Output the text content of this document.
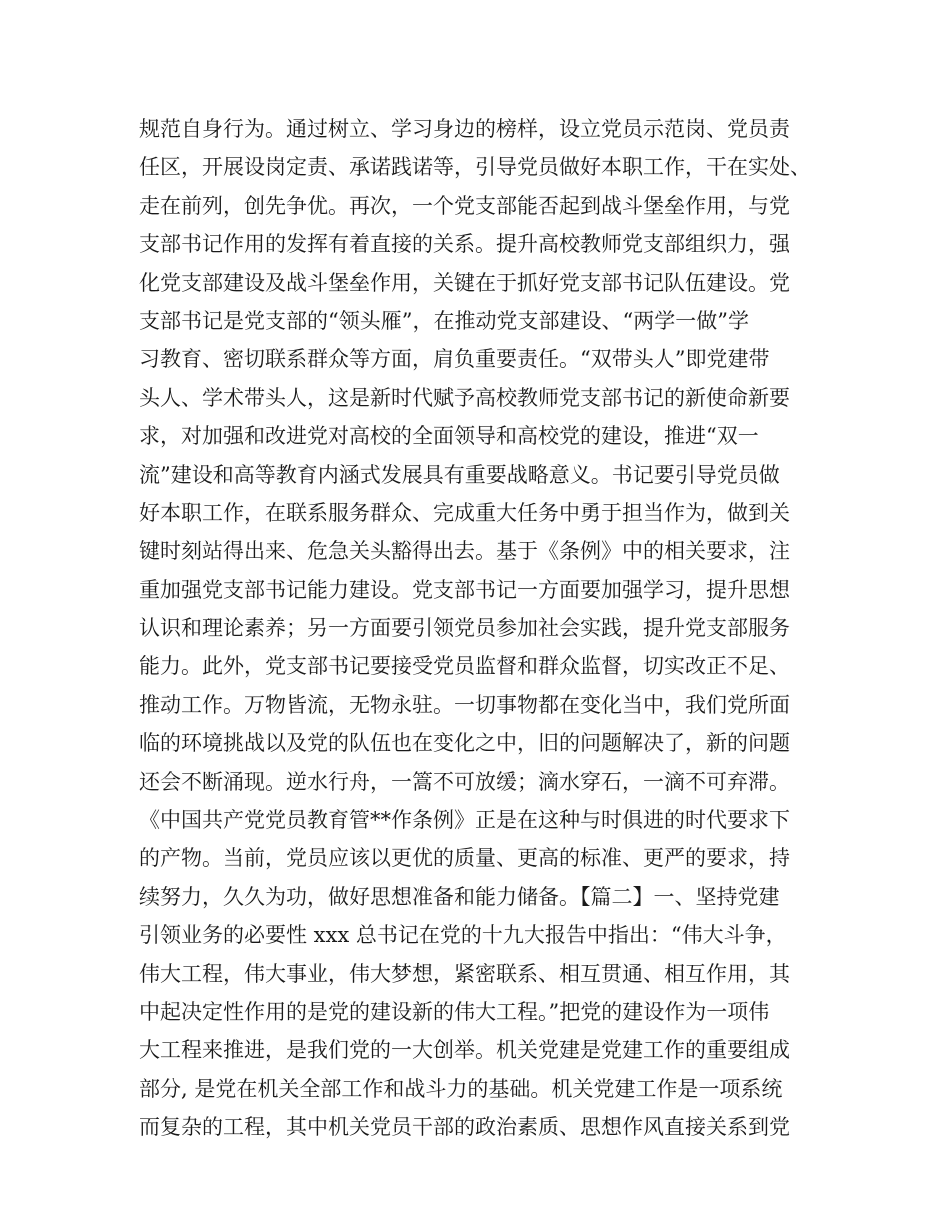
规范自身行为。通过树立、学习身边的榜样，设立党员示范岗、党员责
任区，开展设岗定责、承诺践诺等，引导党员做好本职工作，干在实处、
走在前列，创先争优。再次，一个党支部能否起到战斗堡垒作用，与党
支部书记作用的发挥有着直接的关系。提升高校教师党支部组织力，强
化党支部建设及战斗堡垒作用，关键在于抓好党支部书记队伍建设。党
支部书记是党支部的“领头雁”，在推动党支部建设、“两学一做”学
习教育、密切联系群众等方面，肩负重要责任。“双带头人”即党建带
头人、学术带头人，这是新时代赋予高校教师党支部书记的新使命新要
求，对加强和改进党对高校的全面领导和高校党的建设，推进“双一
流”建设和高等教育内涵式发展具有重要战略意义。书记要引导党员做
好本职工作，在联系服务群众、完成重大任务中勇于担当作为，做到关
键时刻站得出来、危急关头豁得出去。基于《条例》中的相关要求，注
重加强党支部书记能力建设。党支部书记一方面要加强学习，提升思想
认识和理论素养；另一方面要引领党员参加社会实践，提升党支部服务
能力。此外，党支部书记要接受党员监督和群众监督，切实改正不足、
推动工作。万物皆流，无物永驻。一切事物都在变化当中，我们党所面
临的环境挑战以及党的队伍也在变化之中，旧的问题解决了，新的问题
还会不断涌现。逆水行舟，一篙不可放缓；滴水穿石，一滴不可弃滞。
《中国共产党党员教育管**作条例》正是在这种与时俱进的时代要求下
的产物。当前，党员应该以更优的质量、更高的标准、更严的要求，持
续努力，久久为功，做好思想准备和能力储备。【篇二】一、坚持党建
引领业务的必要性 xxx 总书记在党的十九大报告中指出：“伟大斗争，
伟大工程，伟大事业，伟大梦想，紧密联系、相互贯通、相互作用，其
中起决定性作用的是党的建设新的伟大工程。”把党的建设作为一项伟
大工程来推进，是我们党的一大创举。机关党建是党建工作的重要组成
部分, 是党在机关全部工作和战斗力的基础。机关党建工作是一项系统
而复杂的工程，其中机关党员干部的政治素质、思想作风直接关系到党
